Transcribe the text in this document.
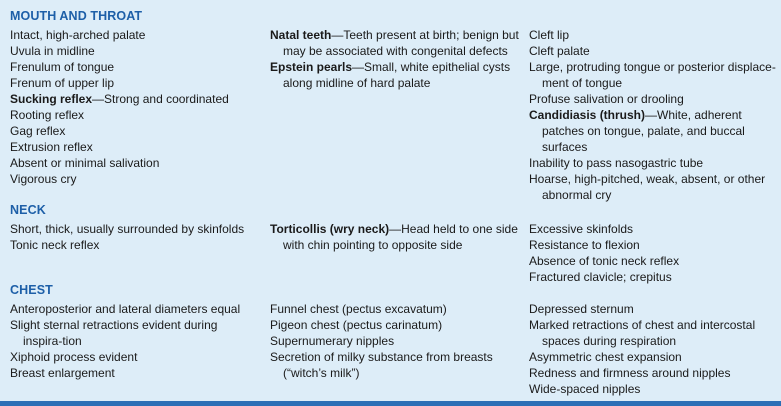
MOUTH AND THROAT
Intact, high-arched palate
Uvula in midline
Frenulum of tongue
Frenum of upper lip
Sucking reflex—Strong and coordinated
Rooting reflex
Gag reflex
Extrusion reflex
Absent or minimal salivation
Vigorous cry
Natal teeth—Teeth present at birth; benign but may be associated with congenital defects
Epstein pearls—Small, white epithelial cysts along midline of hard palate
Cleft lip
Cleft palate
Large, protruding tongue or posterior displace-ment of tongue
Profuse salivation or drooling
Candidiasis (thrush)—White, adherent patches on tongue, palate, and buccal surfaces
Inability to pass nasogastric tube
Hoarse, high-pitched, weak, absent, or other abnormal cry
NECK
Short, thick, usually surrounded by skinfolds
Tonic neck reflex
Torticollis (wry neck)—Head held to one side with chin pointing to opposite side
Excessive skinfolds
Resistance to flexion
Absence of tonic neck reflex
Fractured clavicle; crepitus
CHEST
Anteroposterior and lateral diameters equal
Slight sternal retractions evident during inspira-tion
Xiphoid process evident
Breast enlargement
Funnel chest (pectus excavatum)
Pigeon chest (pectus carinatum)
Supernumerary nipples
Secretion of milky substance from breasts (“witch’s milk”)
Depressed sternum
Marked retractions of chest and intercostal spaces during respiration
Asymmetric chest expansion
Redness and firmness around nipples
Wide-spaced nipples
